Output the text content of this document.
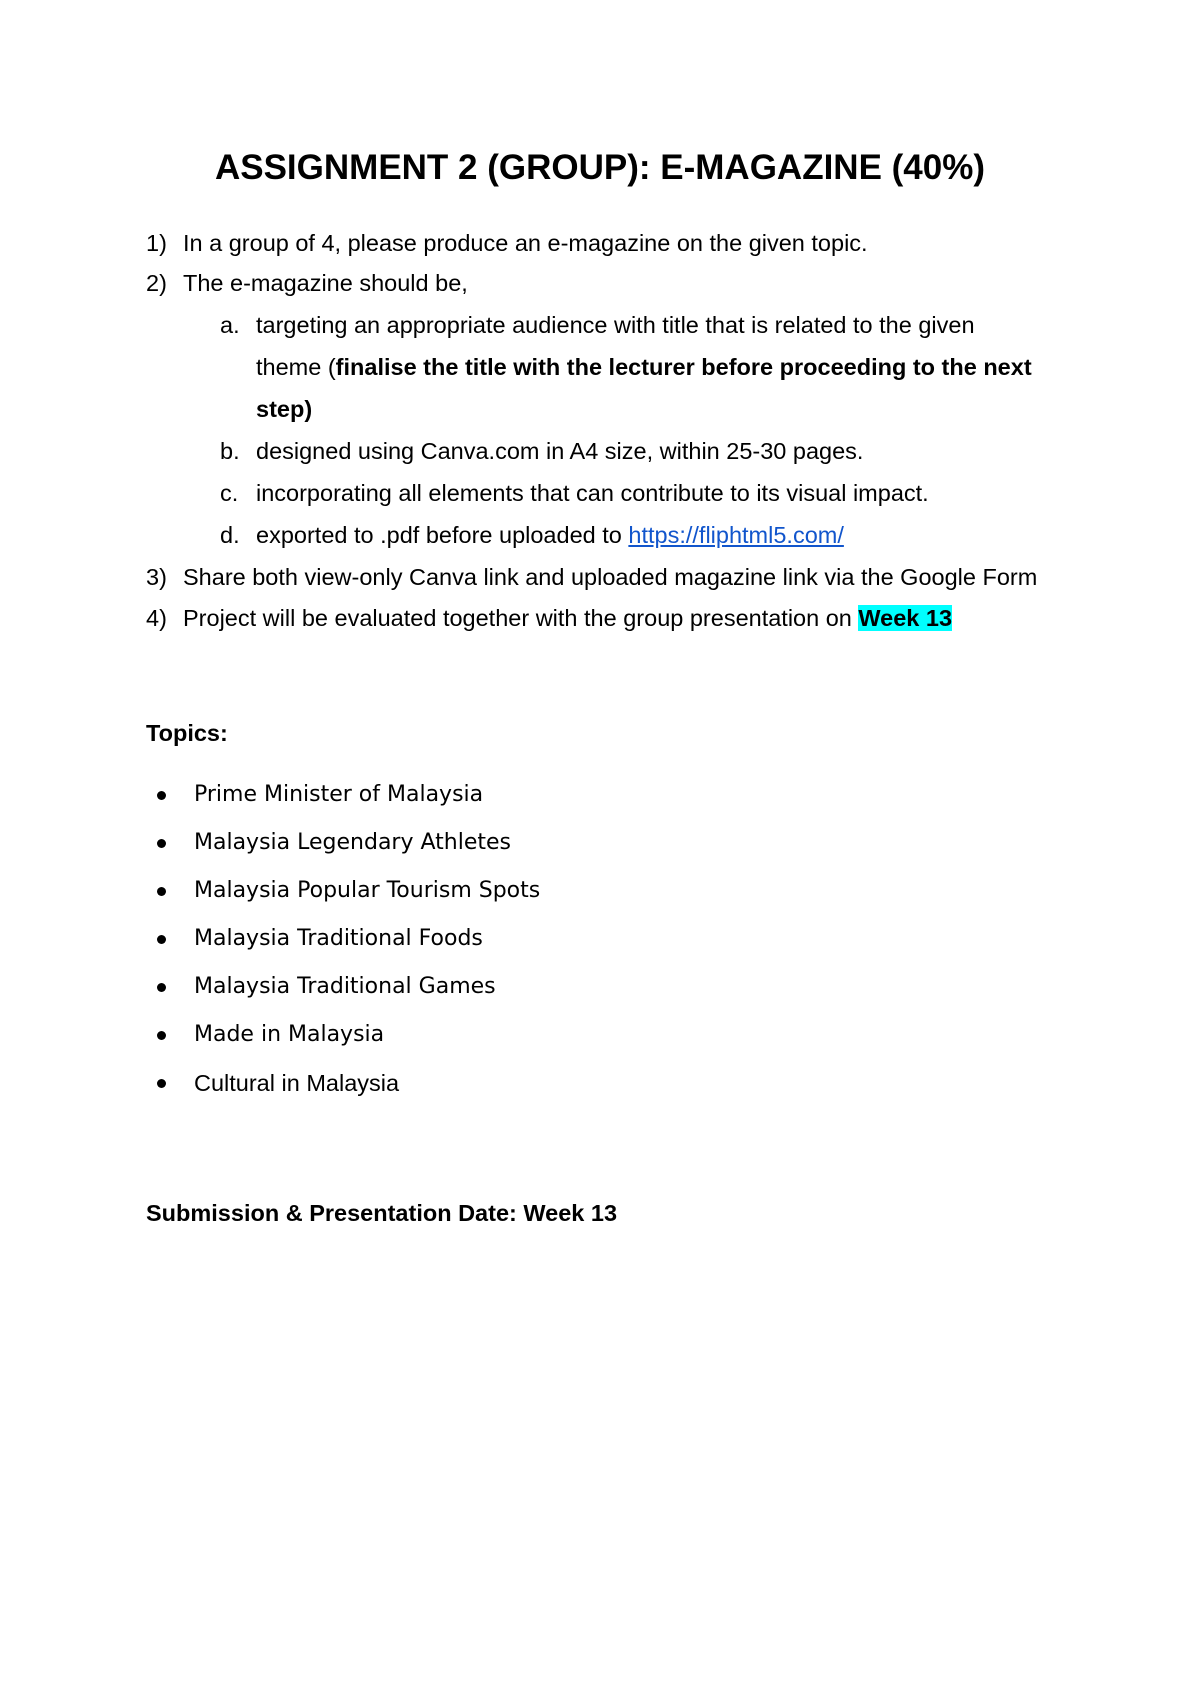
ASSIGNMENT 2 (GROUP): E-MAGAZINE (40%)
1) In a group of 4, please produce an e-magazine on the given topic.
2) The e-magazine should be,
a. targeting an appropriate audience with title that is related to the given
theme (finalise the title with the lecturer before proceeding to the next
step)
b. designed using Canva.com in A4 size, within 25-30 pages.
c. incorporating all elements that can contribute to its visual impact.
d. exported to .pdf before uploaded to https://fliphtml5.com/
3) Share both view-only Canva link and uploaded magazine link via the Google Form
4) Project will be evaluated together with the group presentation on Week 13
Topics:
Prime Minister of Malaysia
Malaysia Legendary Athletes
Malaysia Popular Tourism Spots
Malaysia Traditional Foods
Malaysia Traditional Games
Made in Malaysia
Cultural in Malaysia
Submission & Presentation Date: Week 13
